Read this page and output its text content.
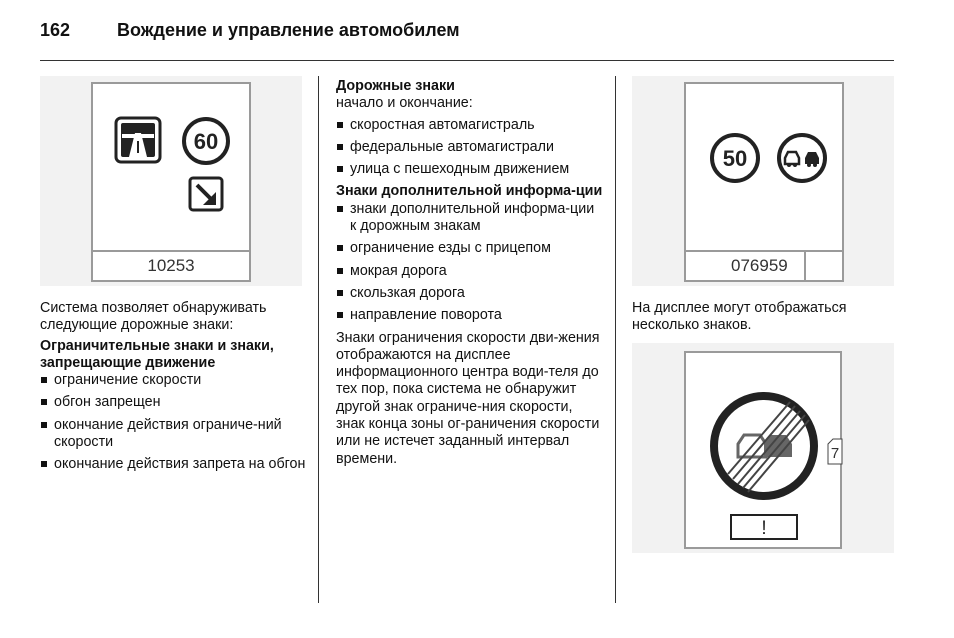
162	Вождение и управление автомобилем
60
10253

Система позволяет обнаруживать следующие дорожные знаки:

Ограничительные знаки и знаки, запрещающие движение

ограничение скорости
обгон запрещен
окончание действия ограниче-ний скорости
окончание действия запрета на обгон

Дорожные знаки

начало и окончание:

скоростная автомагистраль
федеральные автомагистрали
улица с пешеходным движением

Знаки дополнительной информа-ции

знаки дополнительной информа-ции к дорожным знакам
ограничение езды с прицепом
мокрая дорога
скользкая дорога
направление поворота

Знаки ограничения скорости дви-жения отображаются на дисплее информационного центра води-теля до тех пор, пока система не обнаружит другой знак ограниче-ния скорости, знак конца зоны ог-раничения скорости или не истечет заданный интервал времени.

50
076959

На дисплее могут отображаться несколько знаков.

!
7
